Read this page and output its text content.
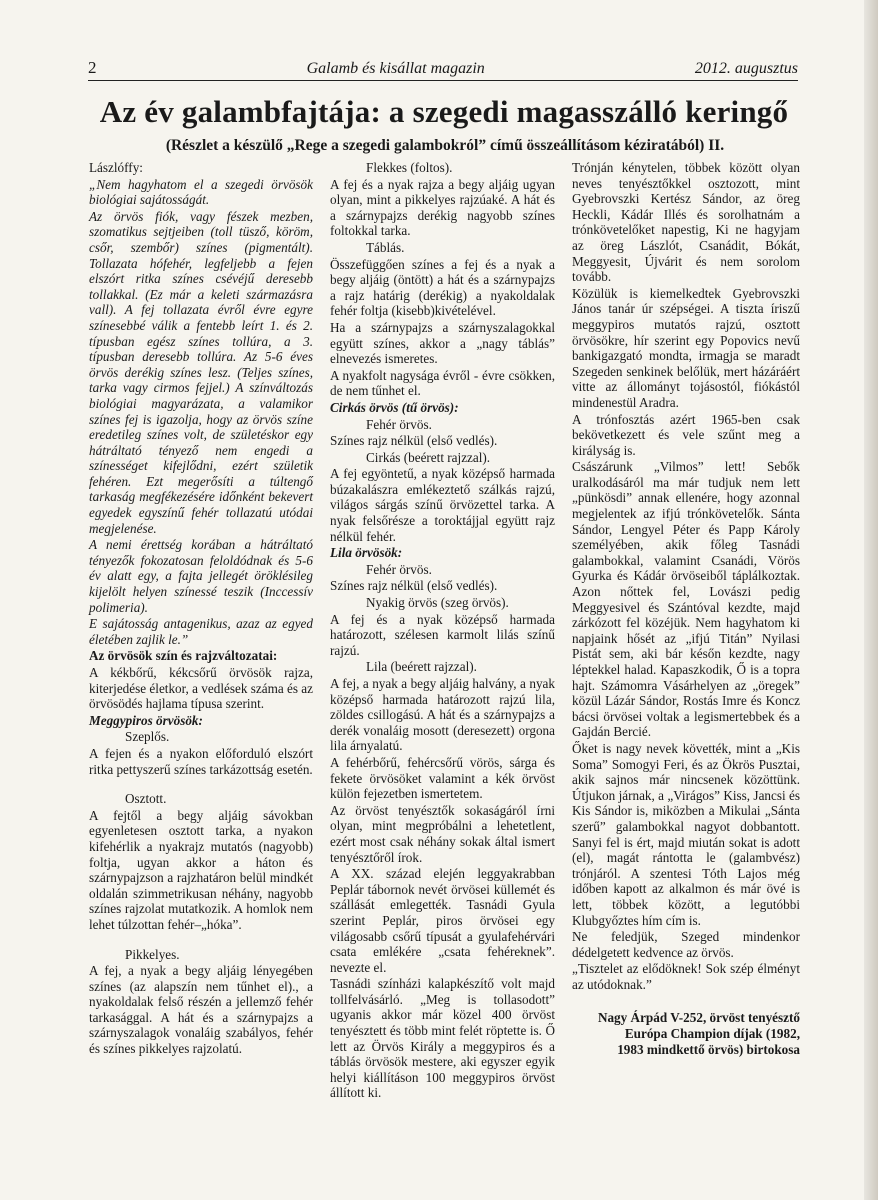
2	Galamb és kisállat magazin	2012. augusztus
Az év galambfajtája: a szegedi magasszálló keringő
(Részlet a készülő „Rege a szegedi galambokról” című összeállításom kéziratából) II.

Lászlóffy:

„Nem hagyhatom el a szegedi örvösök biológiai sajátosságát.

Az örvös fiók, vagy fészek mezben, szomatikus sejtjeiben (toll tüsző, köröm, csőr, szembőr) színes (pigmentált). Tollazata hófehér, legfeljebb a fejen elszórt ritka színes csévéjű deresebb tollakkal. (Ez már a keleti származásra vall). A fej tollazata évről évre egyre színesebbé válik a fentebb leírt 1. és 2. típusban egész színes tollúra, a 3. típusban deresebb tollúra. Az 5-6 éves örvös derékig színes lesz. (Teljes színes, tarka vagy cirmos fejjel.) A színváltozás biológiai magyarázata, a valamikor színes fej is igazolja, hogy az örvös színe eredetileg színes volt, de születéskor egy hátráltató tényező nem engedi a színességet kifejlődni, ezért születik fehéren. Ezt megerősíti a túltengő tarkaság megfékezésére időnként bekevert egyedek egyszínű fehér tollazatú utódai megjelenése.

A nemi érettség korában a hátráltató tényezők fokozatosan feloldódnak és 5-6 év alatt egy, a fajta jellegét öröklésileg kijelölt helyen színessé teszik (Inccessív polimeria).

E sajátosság antagenikus, azaz az egyed életében zajlik le.”

Az örvösök szín és rajzváltozatai:

A kékbőrű, kékcsőrű örvösök rajza, kiterjedése életkor, a vedlések száma és az örvösödés hajlama típusa szerint.

Meggypiros örvösök:

Szeplős.

A fejen és a nyakon előforduló elszórt ritka pettyszerű színes tarkázottság esetén.

Osztott.

A fejtől a begy aljáig sávokban egyenletesen osztott tarka, a nyakon kifehérlik a nyakrajz mutatós (nagyobb) foltja, ugyan akkor a háton és szárnypajzson a rajzhatáron belül mindkét oldalán szimmetrikusan néhány, nagyobb színes rajzolat mutatkozik. A homlok nem lehet túlzottan fehér–„hóka”.

Pikkelyes.

A fej, a nyak a begy aljáig lényegében színes (az alapszín nem tűnhet el)., a nyakoldalak felső részén a jellemző fehér tarkasággal. A hát és a szárnypajzs a szárnyszalagok vonaláig szabályos, fehér és színes pikkelyes rajzolatú.

Flekkes (foltos).

A fej és a nyak rajza a begy aljáig ugyan olyan, mint a pikkelyes rajzúaké. A hát és a szárnypajzs derékig nagyobb színes foltokkal tarka.

Táblás.

Összefüggően színes a fej és a nyak a begy aljáig (öntött) a hát és a szárnypajzs a rajz határig (derékig) a nyakoldalak fehér foltja (kisebb)kivételével.

Ha a szárnypajzs a szárnyszalagokkal együtt színes, akkor a „nagy táblás” elnevezés ismeretes.

A nyakfolt nagysága évről - évre csökken, de nem tűnhet el.

Cirkás örvös (tű örvös):

Fehér örvös.

Színes rajz nélkül (első vedlés).

Cirkás (beérett rajzzal).

A fej egyöntetű, a nyak középső harmada búzakalászra emlékeztető szálkás rajzú, világos sárgás színű örvözettel tarka. A nyak felsőrésze a toroktájjal együtt rajz nélkül fehér.

Lila örvösök:

Fehér örvös.

Színes rajz nélkül (első vedlés).

Nyakig örvös (szeg örvös).

A fej és a nyak középső harmada határozott, szélesen karmolt lilás színű rajzú.

Lila (beérett rajzzal).

A fej, a nyak a begy aljáig halvány, a nyak középső harmada határozott rajzú lila, zöldes csillogású. A hát és a szárnypajzs a derék vonaláig mosott (deresezett) orgona lila árnyalatú.

A fehérbőrű, fehércsőrű vörös, sárga és fekete örvösöket valamint a kék örvöst külön fejezetben ismertetem.

Az örvöst tenyésztők sokaságáról írni olyan, mint megpróbálni a lehetetlent, ezért most csak néhány sokak által ismert tenyésztőről írok.

A XX. század elején leggyakrabban Peplár tábornok nevét örvösei küllemét és szállását emlegették. Tasnádi Gyula szerint Peplár, piros örvösei egy világosabb csőrű típusát a gyulafehérvári csata emlékére „csata fehéreknek”. nevezte el.

Tasnádi színházi kalapkészítő volt majd tollfelvásárló. „Meg is tollasodott” ugyanis akkor már közel 400 örvöst tenyésztett és több mint felét röptette is. Ő lett az Örvös Király a meggypiros és a táblás örvösök mestere, aki egyszer egyik helyi kiállításon 100 meggypiros örvöst állított ki.

Trónján kénytelen, többek között olyan neves tenyésztőkkel osztozott, mint Gyebrovszki Kertész Sándor, az öreg Heckli, Kádár Illés és sorolhatnám a trónkövetelőket napestig, Ki ne hagyjam az öreg Lászlót, Csanádit, Bókát, Meggyesit, Újvárit és nem sorolom tovább.

Közülük is kiemelkedtek Gyebrovszki János tanár úr szépségei. A tiszta íriszű meggypiros mutatós rajzú, osztott örvösökre, hír szerint egy Popovics nevű bankigazgató mondta, irmagja se maradt Szegeden senkinek belőlük, mert házáráért vitte az állományt tojásostól, fiókástól mindenestül Aradra.

A trónfosztás azért 1965-ben csak bekövetkezett és vele szűnt meg a királyság is.

Császárunk „Vilmos” lett! Sebők uralkodásáról ma már tudjuk nem lett „pünkösdi” annak ellenére, hogy azonnal megjelentek az ifjú trónkövetelők. Sánta Sándor, Lengyel Péter és Papp Károly személyében, akik főleg Tasnádi galambokkal, valamint Csanádi, Vörös Gyurka és Kádár örvöseiből táplálkoztak. Azon nőttek fel, Lovászi pedig Meggyesivel és Szántóval kezdte, majd zárkózott fel közéjük. Nem hagyhatom ki napjaink hősét az „ifjú Titán” Nyilasi Pistát sem, aki bár későn kezdte, nagy léptekkel halad. Kapaszkodik, Ő is a topra hajt. Számomra Vásárhelyen az „öregek” közül Lázár Sándor, Rostás Imre és Koncz bácsi örvösei voltak a legismertebbek és a Gajdán Bercié.

Őket is nagy nevek követték, mint a „Kis Soma” Somogyi Feri, és az Ökrös Pusztai, akik sajnos már nincsenek közöttünk. Útjukon járnak, a „Virágos” Kiss, Jancsi és Kis Sándor is, miközben a Mikulai „Sánta szerű” galambokkal nagyot dobbantott. Sanyi fel is ért, majd miután sokat is adott (el), magát rántotta le (galambvész) trónjáról. A szentesi Tóth Lajos még időben kapott az alkalmon és már övé is lett, többek között, a legutóbbi Klubgyőztes hím cím is.

Ne feledjük, Szeged mindenkor dédelgetett kedvence az örvös.

„Tisztelet az elődöknek! Sok szép élményt az utódoknak.”

Nagy Árpád V-252, örvöst tenyésztő
Európa Champion díjak (1982,
1983 mindkettő örvös) birtokosa
